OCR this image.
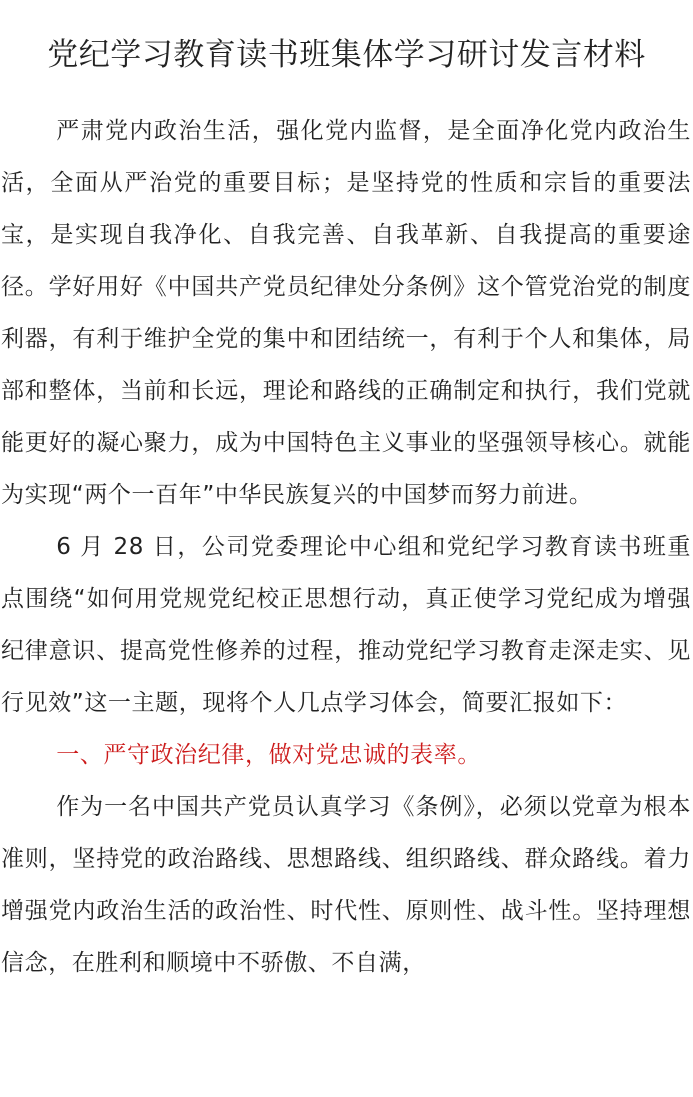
党纪学习教育读书班集体学习研讨发言材料

严肃党内政治生活，强化党内监督，是全面净化党内政治生活，全面从严治党的重要目标；是坚持党的性质和宗旨的重要法宝，是实现自我净化、自我完善、自我革新、自我提高的重要途径。学好用好《中国共产党员纪律处分条例》这个管党治党的制度利器，有利于维护全党的集中和团结统一，有利于个人和集体，局部和整体，当前和长远，理论和路线的正确制定和执行，我们党就能更好的凝心聚力，成为中国特色主义事业的坚强领导核心。就能为实现“两个一百年”中华民族复兴的中国梦而努力前进。

6 月 28 日，公司党委理论中心组和党纪学习教育读书班重点围绕“如何用党规党纪校正思想行动，真正使学习党纪成为增强纪律意识、提高党性修养的过程，推动党纪学习教育走深走实、见行见效”这一主题，现将个人几点学习体会，简要汇报如下：

一、严守政治纪律，做对党忠诚的表率。

作为一名中国共产党员认真学习《条例》，必须以党章为根本准则，坚持党的政治路线、思想路线、组织路线、群众路线。着力增强党内政治生活的政治性、时代性、原则性、战斗性。坚持理想信念，在胜利和顺境中不骄傲、不自满，
